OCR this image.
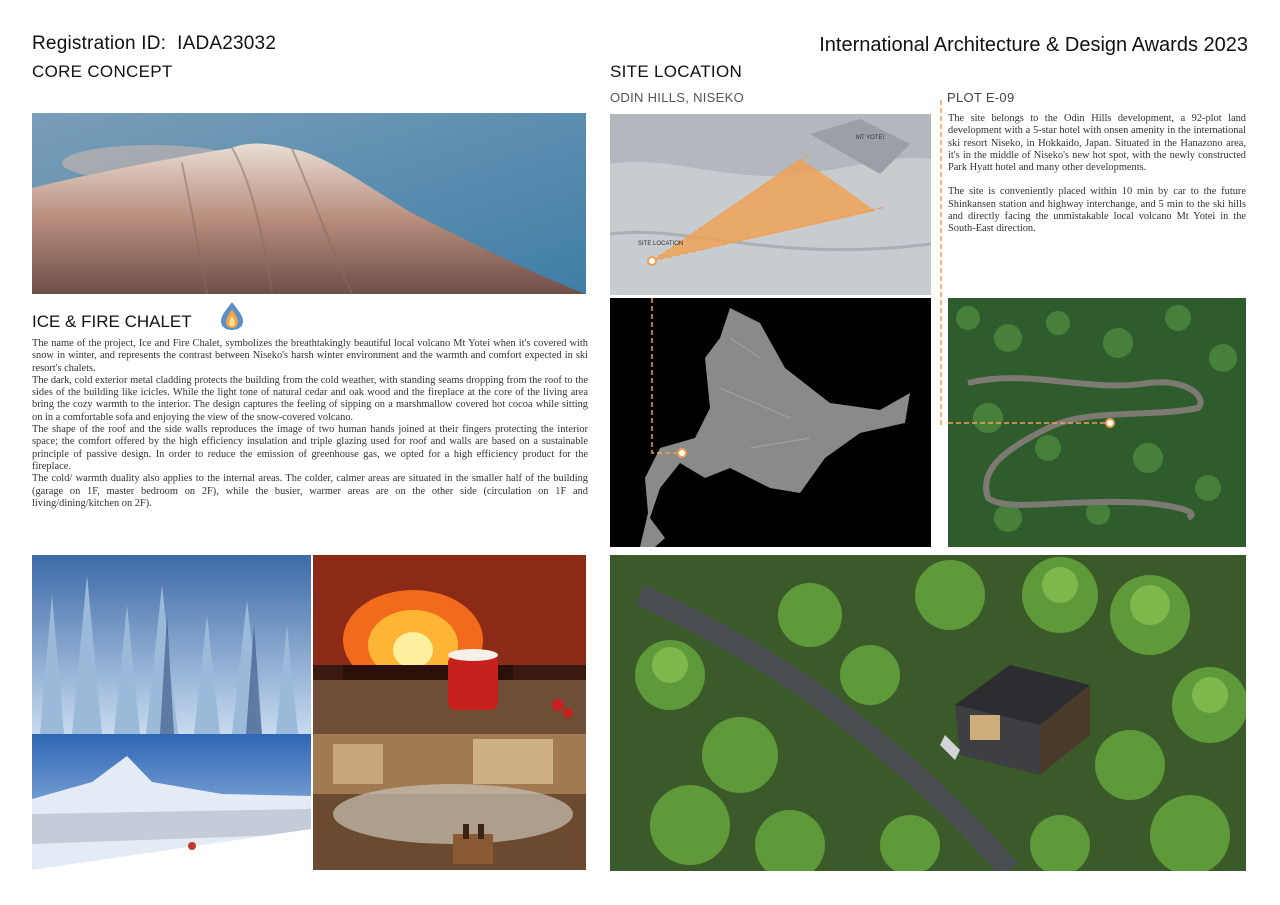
Registration ID: IADA23032	International Architecture & Design Awards 2023
CORE CONCEPT
ICE & FIRE CHALET

The name of the project, Ice and Fire Chalet, symbolizes the breathtakingly beautiful local volcano Mt Yotei when it's covered with snow in winter, and represents the contrast between Niseko's harsh winter environment and the warmth and comfort expected in ski resort's chalets.

The dark, cold exterior metal cladding protects the building from the cold weather, with standing seams dropping from the roof to the sides of the building like icicles. While the light tone of natural cedar and oak wood and the fireplace at the core of the living area bring the cozy warmth to the interior. The design captures the feeling of sipping on a marshmallow covered hot cocoa while sitting on in a comfortable sofa and enjoying the view of the snow-covered volcano.

The shape of the roof and the side walls reproduces the image of two human hands joined at their fingers protecting the interior space; the comfort offered by the high efficiency insulation and triple glazing used for roof and walls are based on a sustainable principle of passive design. In order to reduce the emission of greenhouse gas, we opted for a high efficiency product for the fireplace.

The cold/ warmth duality also applies to the internal areas. The colder, calmer areas are situated in the smaller half of the building (garage on 1F, master bedroom on 2F), while the busier, warmer areas are on the other side (circulation on 1F and living/dining/kitchen on 2F).

SITE LOCATION
ODIN HILLS, NISEKO	PLOT E-09
MT YOTEI
SITE LOCATION

The site belongs to the Odin Hills development, a 92-plot land development with a 5-star hotel with onsen amenity in the international ski resort Niseko, in Hokkaido, Japan. Situated in the Hanazono area, it's in the middle of Niseko's new hot spot, with the newly constructed Park Hyatt hotel and many other developments.

The site is conveniently placed within 10 min by car to the future Shinkansen station and highway interchange, and 5 min to the ski hills and directly facing the unmistakable local volcano Mt Yotei in the South-East direction.
